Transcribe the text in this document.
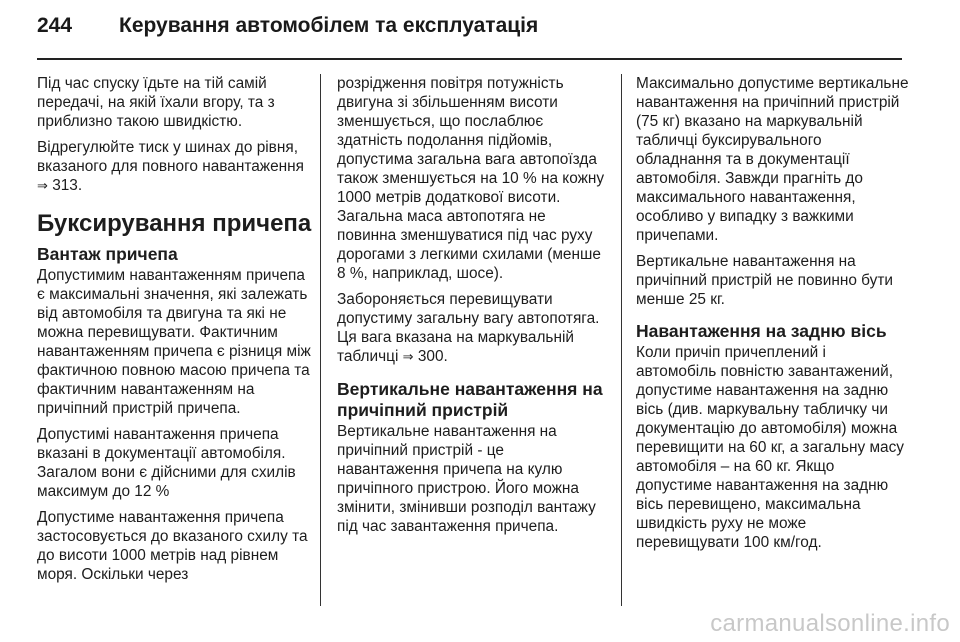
244	Керування автомобілем та експлуатація

Під час спуску їдьте на тій самій передачі, на якій їхали вгору, та з приблизно такою швидкістю.

Відрегулюйте тиск у шинах до рівня, вказаного для повного навантаження ⇒ 313.

Буксирування причепа
Вантаж причепа

Допустимим навантаженням причепа є максимальні значення, які залежать від автомобіля та двигуна та які не можна перевищувати. Фактичним навантаженням причепа є різниця між фактичною повною масою причепа та фактичним навантаженням на причіпний пристрій причепа.

Допустимі навантаження причепа вказані в документації автомобіля. Загалом вони є дійсними для схилів максимум до 12 %

Допустиме навантаження причепа застосовується до вказаного схилу та до висоти 1000 метрів над рівнем моря. Оскільки через

розрідження повітря потужність двигуна зі збільшенням висоти зменшується, що послаблює здатність подолання підйомів, допустима загальна вага автопоїзда також зменшується на 10 % на кожну 1000 метрів додаткової висоти. Загальна маса автопотяга не повинна зменшуватися під час руху дорогами з легкими схилами (менше 8 %, наприклад, шосе).

Забороняється перевищувати допустиму загальну вагу автопотяга. Ця вага вказана на маркувальній табличці ⇒ 300.

Вертикальне навантаження на причіпний пристрій

Вертикальне навантаження на причіпний пристрій - це навантаження причепа на кулю причіпного пристрою. Його можна змінити, змінивши розподіл вантажу під час завантаження причепа.

Максимально допустиме вертикальне навантаження на причіпний пристрій (75 кг) вказано на маркувальній табличці буксирувального обладнання та в документації автомобіля. Завжди прагніть до максимального навантаження, особливо у випадку з важкими причепами.

Вертикальне навантаження на причіпний пристрій не повинно бути менше 25 кг.

Навантаження на задню вісь

Коли причіп причеплений і автомобіль повністю завантажений, допустиме навантаження на задню вісь (див. маркувальну табличку чи документацію до автомобіля) можна перевищити на 60 кг, а загальну масу автомобіля – на 60 кг. Якщо допустиме навантаження на задню вісь перевищено, максимальна швидкість руху не може перевищувати 100 км/год.

carmanualsonline.info
